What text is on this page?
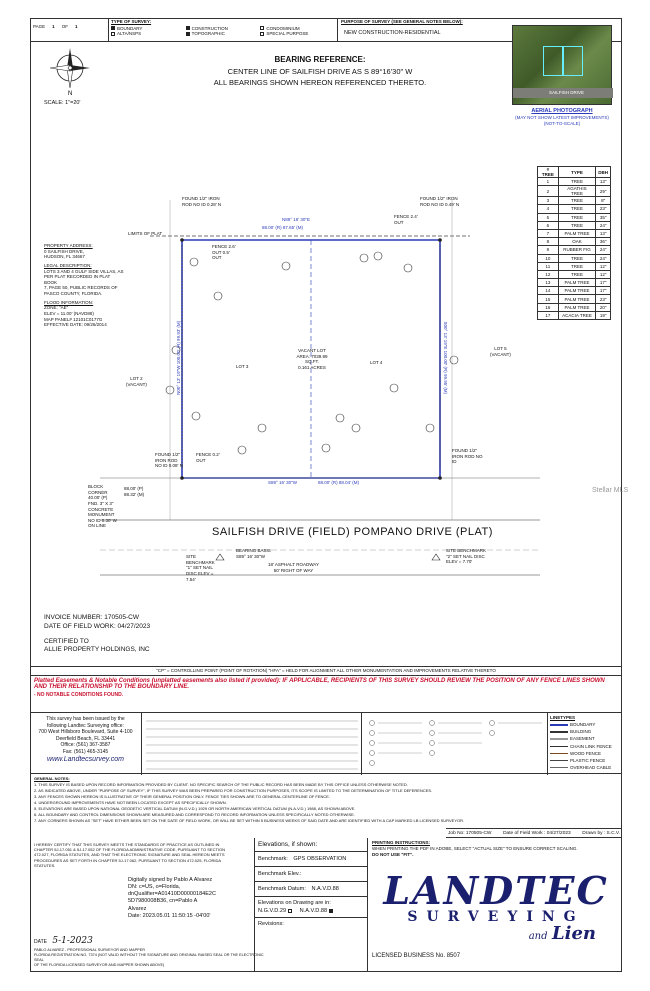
PAGE 1 OF 1
TYPE OF SURVEY:
BOUNDARY	CONSTRUCTION	CONDOMINIUM
ALTA/NSPS	TOPOGRAPHIC	SPECIAL PURPOSE
PURPOSE OF SURVEY (SEE GENERAL NOTES BELOW):
NEW CONSTRUCTION-RESIDENTIAL
SAILFISH DRIVE
AERIAL PHOTOGRAPH
(MAY NOT SHOW LATEST IMPROVEMENTS)
(NOT-TO-SCALE)
N
SCALE: 1"=20'
BEARING REFERENCE:
CENTER LINE OF SAILFISH DRIVE AS S 89°16'30" W
ALL BEARINGS SHOWN HEREON REFERENCED THERETO.
# TREE	TYPE	DBH
1	TREE	13"
2	AGATHIS TREE	29"
3	TREE	8"
4	TREE	23"
5	TREE	35"
6	TREE	24"
7	PALM TREE	13"
8	OAK	36"
9	RUBBER FIG	24"
10	TREE	24"
11	TREE	12"
12	TREE	12"
13	PALM TREE	17"
14	PALM TREE	17"
15	PALM TREE	23"
16	PALM TREE	20"
17	ACACIA TREE	19"
PROPERTY ADDRESS:
0 SAILFISH DRIVE,
HUDSON, FL 34667
LEGAL DESCRIPTION:
LOTS 3 AND 4 GULF SIDE VILLAS, AS
PER PLAT RECORDED IN PLAT BOOK
7, PAGE 50, PUBLIC RECORDS OF
PASCO COUNTY, FLORIDA.
FLOOD INFORMATION:
ZONE: "AE"
ELEV = 11.00' (NAVD88)
MAP PANEL# 12101C0177G
EFFECTIVE DATE: 09/26/2014
N89° 16' 30"E
88.00' (R) 87.65' (M)
S89° 16' 30"W	88.00' (R) 88.04' (M)
N00° 13' 19"W 100.00' (R) 99.93' (M)	S00° 13' 19"E 100.00' (R) 99.95' (M)
LIMITS OF PLAT
VACANT LOT
AREA: 7039.99 SQ.FT.
0.161 ACRES
LOT 3
LOT 4
LOT 2
(VACANT)
LOT 5
(VACANT)
FOUND 1/2" IRON ROD NO ID 0.28' N
FOUND 1/2" IRON ROD NO ID 0.49' N
FOUND 1/2" IRON ROD NO ID 0.08' N
FOUND 1/2" IRON ROD NO ID
FENCE 2.6' OUT 0.5' OUT
FENCE 2.4' OUT
FENCE 0.2' OUT
BLOCK CORNER 40.00' (P) FND. 3" X 3" CONCRETE MONUMENT NO ID 0.30' W ON LINE
88.00' (P) 88.32' (M)
SAILFISH DRIVE (FIELD) POMPANO DRIVE (PLAT)
18' ASPHALT ROADWAY
50' RIGHT OF WAY
BEARING BASIS S89° 16' 30"W
SITE BENCHMARK "1" SET NAIL DISC ELEV = 7.54'
SITE BENCHMARK "2" SET NAIL DISC ELEV = 7.70'
INVOICE NUMBER: 170505-CW
DATE OF FIELD WORK: 04/27/2023
CERTIFIED TO
ALLIE PROPERTY HOLDINGS, INC
"CP" = CONTROLLING POINT (POINT OF ROTATION) "HFA" = HELD FOR ALIGNMENT ALL OTHER MONUMENTATION AND IMPROVEMENTS RELATIVE THERETO
Platted Easements & Notable Conditions (unplatted easements also listed if provided): IF APPLICABLE, RECIPIENTS OF THIS SURVEY SHOULD REVIEW THE POSITION OF ANY FENCE LINES SHOWN AND THEIR RELATIONSHIP TO THE BOUNDARY LINE.
- NO NOTABLE CONDITIONS FOUND.
This survey has been issued by the
following Landtec Surveying office:
700 West Hillsboro Boulevard, Suite 4-100
Deerfield Beach, FL 33441
Office: (561) 367-3587
Fax: (561) 465-3145
www.Landtecsurvey.com
LINETYPES
BOUNDARY
BUILDING
EASEMENT
CHAIN LINK FENCE
WOOD FENCE
PLASTIC FENCE
OVERHEAD CABLE

GENERAL NOTES:

1. THIS SURVEY IS BASED UPON RECORD INFORMATION PROVIDED BY CLIENT. NO SPECIFIC SEARCH OF THE PUBLIC RECORD HAS BEEN MADE BY THIS OFFICE UNLESS OTHERWISE NOTED.

2. AS INDICATED ABOVE, UNDER "PURPOSE OF SURVEY", IF THIS SURVEY WAS BEEN PREPARED FOR CONSTRUCTION PURPOSES, ITS SCOPE IS LIMITED TO THE DETERMINATION OF TITLE DEFERENCES.

3. ANY FENCES SHOWN HEREON IS ILLUSTRATIVE OF THEIR GENERAL POSITION ONLY. FENCE TIES SHOWN ARE TO GENERAL CENTERLINE OF FENCE.

4. UNDERGROUND IMPROVEMENTS HAVE NOT BEEN LOCATED EXCEPT AS SPECIFICALLY SHOWN.

5. ELEVATIONS ARE BASED UPON NATIONAL GEODETIC VERTICAL DATUM (N.G.V.D.) 1929 OR NORTH AMERICAN VERTICAL DATUM (N.A.V.D.) 1988, AS SHOWN ABOVE.

6. ALL BOUNDARY AND CONTROL DIMENSIONS SHOWN ARE MEASURED AND CORRESPOND TO RECORD INFORMATION UNLESS SPECIFICALLY NOTED OTHERWISE.

7. ANY CORNERS SHOWN AS "SET" HAVE EITHER BEEN SET ON THE DATE OF FIELD WORK, OR WILL BE SET WITHIN 5 BUSINESS WEEKS OF SAID DATE AND ARE IDENTIFIED WITH A CAP MARKED LB LICENSED SURVEYOR.

Job No: 170505-CW Date of Field Work : 04/27/2023 Drawn by : S.C.V.
I HEREBY CERTIFY THAT THIS SURVEY MEETS THE STANDARDS OF PRACTICE AS OUTLINED IN CHAPTER 5J-17.051 & 5J-17.052 OF THE FLORIDA ADMINISTRATIVE CODE, PURSUANT TO SECTION 472.027, FLORIDA STATUTES, AND THAT THE ELECTRONIC SIGNATURE AND SEAL HEREON MEETS PROCEDURES AS SET FORTH IN CHAPTER 5J-17.062, PURSUANT TO SECTION 472.025, FLORIDA STATUTES.
Digitally signed by Pablo A Alvarez
DN: c=US, o=Florida,
dnQualifier=A01410D00000184E2C
5D7980008B36, cn=Pablo A
Alvarez
Date: 2023.05.01 11:50:15 -04'00'
DATE 5-1-2023
PABLO ALVAREZ - PROFESSIONAL SURVEYOR AND MAPPER
FLORIDA REGISTRATION NO. 7374 (NOT VALID WITHOUT THE SIGNATURE AND ORIGINAL RAISED SEAL OR THE ELECTRONIC SEAL
OF THE FLORIDA LICENSED SURVEYOR AND MAPPER SHOWN ABOVE)
Elevations, if shown:
Benchmark: GPS OBSERVATION
Benchmark Elev.:
Benchmark Datum: N.A.V.D.88
Elevations on Drawing are in:
N.G.V.D.29 N.A.V.D.88
Revisions:
PRINTING INSTRUCTIONS:
WHEN PRINTING THE PDF IN ADOBE, SELECT "ACTUAL SIZE" TO ENSURE CORRECT SCALING.
DO NOT USE "FIT".
LANDTEC
SURVEYING
and Lien
LICENSED BUSINESS No. 8507
Stellar MLS
